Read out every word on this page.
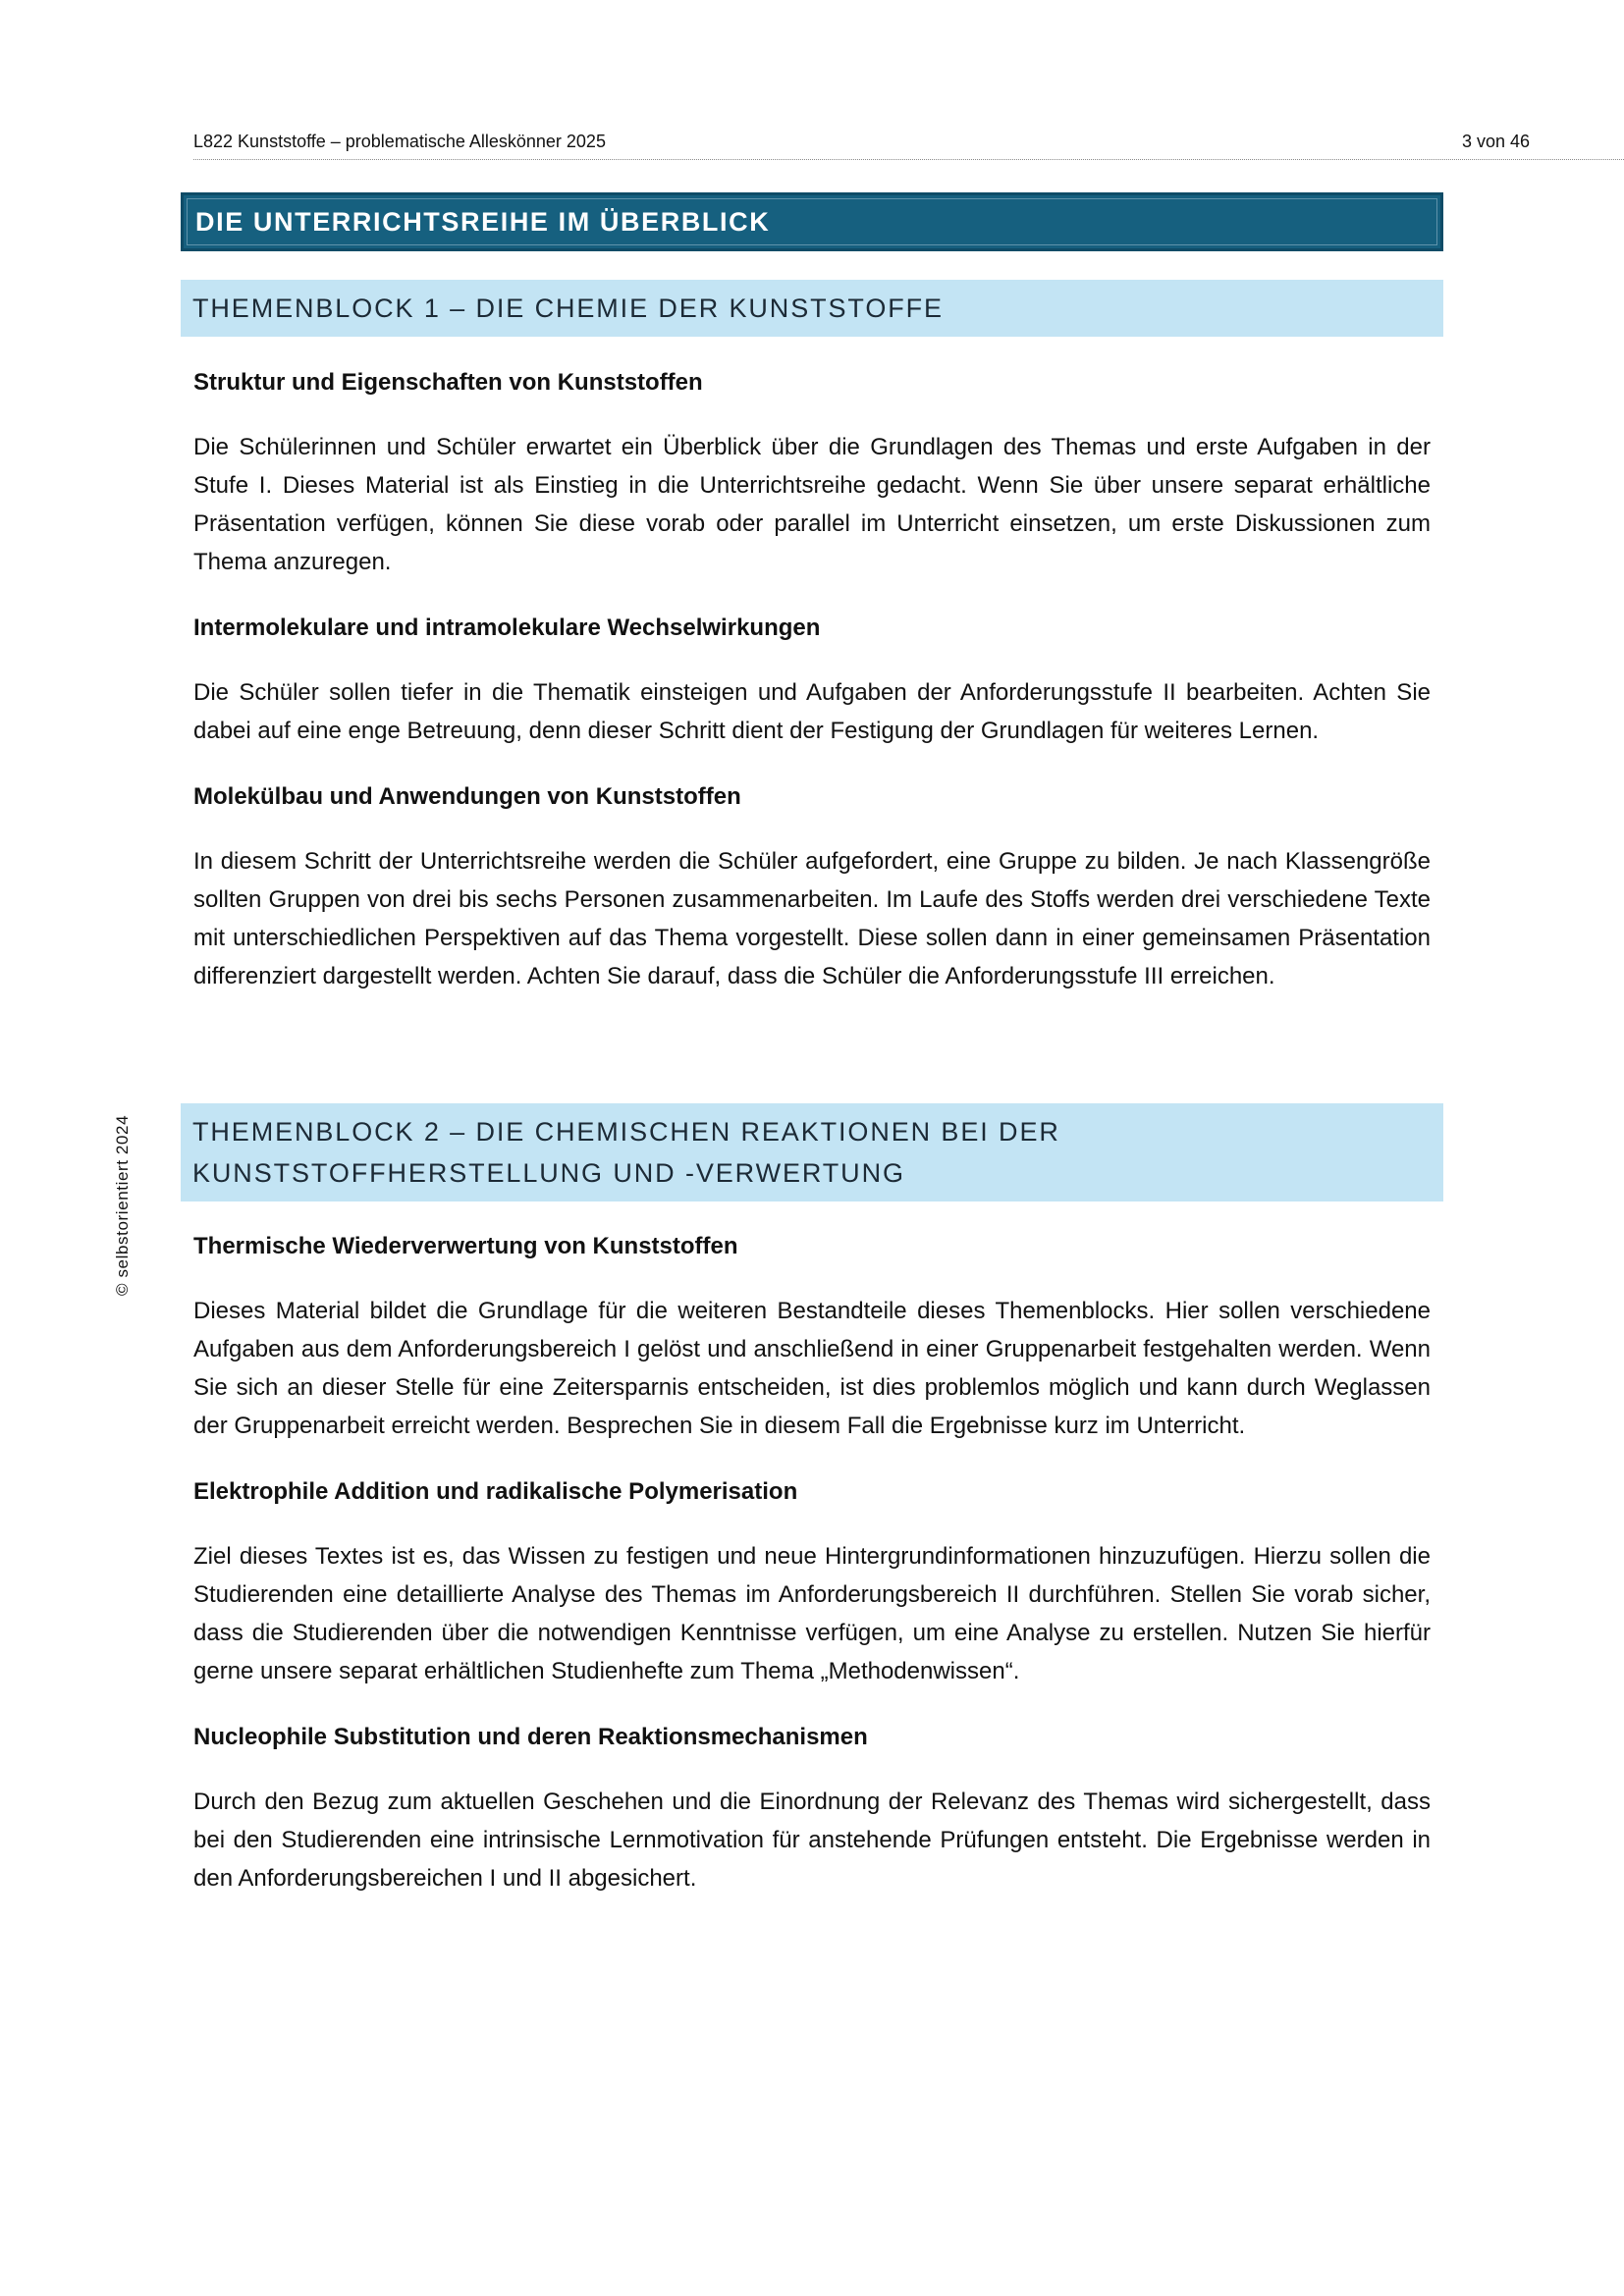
L822 Kunststoffe – problematische Alleskönner 2025	3 von 46
© selbstorientiert 2024
DIE UNTERRICHTSREIHE IM ÜBERBLICK
THEMENBLOCK 1 – DIE CHEMIE DER KUNSTSTOFFE
Struktur und Eigenschaften von Kunststoffen

Die Schülerinnen und Schüler erwartet ein Überblick über die Grundlagen des Themas und erste Aufgaben in der Stufe I. Dieses Material ist als Einstieg in die Unterrichtsreihe gedacht. Wenn Sie über unsere separat erhältliche Präsentation verfügen, können Sie diese vorab oder parallel im Unterricht einsetzen, um erste Diskussionen zum Thema anzuregen.

Intermolekulare und intramolekulare Wechselwirkungen

Die Schüler sollen tiefer in die Thematik einsteigen und Aufgaben der Anforderungsstufe II bearbeiten. Achten Sie dabei auf eine enge Betreuung, denn dieser Schritt dient der Festigung der Grundlagen für weiteres Lernen.

Molekülbau und Anwendungen von Kunststoffen

In diesem Schritt der Unterrichtsreihe werden die Schüler aufgefordert, eine Gruppe zu bilden. Je nach Klassengröße sollten Gruppen von drei bis sechs Personen zusammenarbeiten. Im Laufe des Stoffs werden drei verschiedene Texte mit unterschiedlichen Perspektiven auf das Thema vorgestellt. Diese sollen dann in einer gemeinsamen Präsentation differenziert dargestellt werden. Achten Sie darauf, dass die Schüler die Anforderungsstufe III erreichen.

THEMENBLOCK 2 – DIE CHEMISCHEN REAKTIONEN BEI DER
KUNSTSTOFFHERSTELLUNG UND -VERWERTUNG
Thermische Wiederverwertung von Kunststoffen

Dieses Material bildet die Grundlage für die weiteren Bestandteile dieses Themenblocks. Hier sollen verschiedene Aufgaben aus dem Anforderungsbereich I gelöst und anschließend in einer Gruppenarbeit festgehalten werden. Wenn Sie sich an dieser Stelle für eine Zeitersparnis entscheiden, ist dies problemlos möglich und kann durch Weglassen der Gruppenarbeit erreicht werden. Besprechen Sie in diesem Fall die Ergebnisse kurz im Unterricht.

Elektrophile Addition und radikalische Polymerisation

Ziel dieses Textes ist es, das Wissen zu festigen und neue Hintergrundinformationen hinzuzufügen. Hierzu sollen die Studierenden eine detaillierte Analyse des Themas im Anforderungsbereich II durchführen. Stellen Sie vorab sicher, dass die Studierenden über die notwendigen Kenntnisse verfügen, um eine Analyse zu erstellen. Nutzen Sie hierfür gerne unsere separat erhältlichen Studienhefte zum Thema „Methodenwissen“.

Nucleophile Substitution und deren Reaktionsmechanismen

Durch den Bezug zum aktuellen Geschehen und die Einordnung der Relevanz des Themas wird sichergestellt, dass bei den Studierenden eine intrinsische Lernmotivation für anstehende Prüfungen entsteht. Die Ergebnisse werden in den Anforderungsbereichen I und II abgesichert.
